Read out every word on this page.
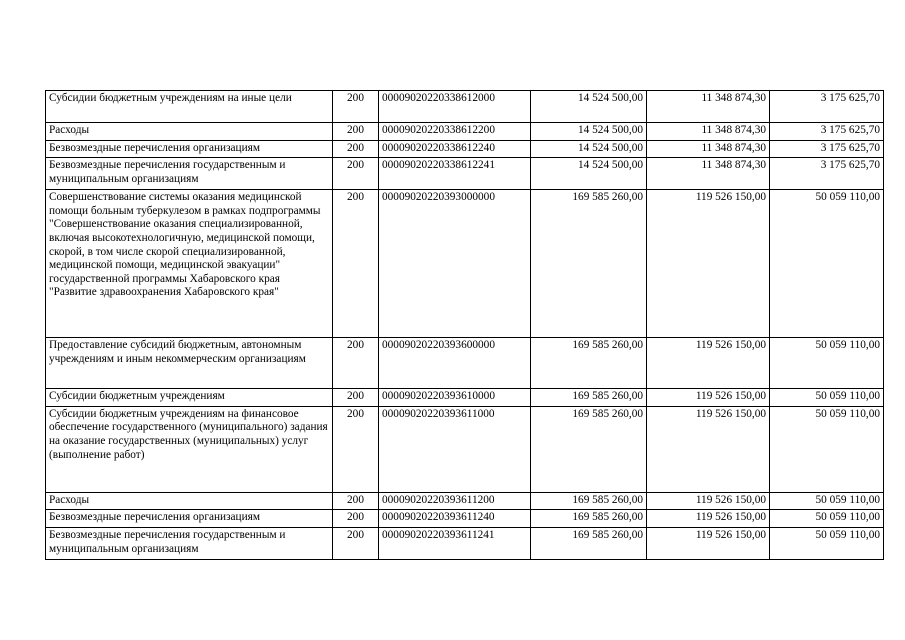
Субсидии бюджетным учреждениям на иные цели	200	00009020220338612000	14 524 500,00	11 348 874,30	3 175 625,70
Расходы	200	00009020220338612200	14 524 500,00	11 348 874,30	3 175 625,70
Безвозмездные перечисления организациям	200	00009020220338612240	14 524 500,00	11 348 874,30	3 175 625,70
Безвозмездные перечисления государственным и муниципальным организациям	200	00009020220338612241	14 524 500,00	11 348 874,30	3 175 625,70
Совершенствование системы оказания медицинской помощи больным туберкулезом в рамках подпрограммы "Совершенствование оказания специализированной, включая высокотехнологичную, медицинской помощи, скорой, в том числе скорой специализированной, медицинской помощи, медицинской эвакуации" государственной программы Хабаровского края "Развитие здравоохранения Хабаровского края"	200	00009020220393000000	169 585 260,00	119 526 150,00	50 059 110,00
Предоставление субсидий бюджетным, автономным учреждениям и иным некоммерческим организациям	200	00009020220393600000	169 585 260,00	119 526 150,00	50 059 110,00
Субсидии бюджетным учреждениям	200	00009020220393610000	169 585 260,00	119 526 150,00	50 059 110,00
Субсидии бюджетным учреждениям на финансовое обеспечение государственного (муниципального) задания на оказание государственных (муниципальных) услуг (выполнение работ)	200	00009020220393611000	169 585 260,00	119 526 150,00	50 059 110,00
Расходы	200	00009020220393611200	169 585 260,00	119 526 150,00	50 059 110,00
Безвозмездные перечисления организациям	200	00009020220393611240	169 585 260,00	119 526 150,00	50 059 110,00
Безвозмездные перечисления государственным и муниципальным организациям	200	00009020220393611241	169 585 260,00	119 526 150,00	50 059 110,00
